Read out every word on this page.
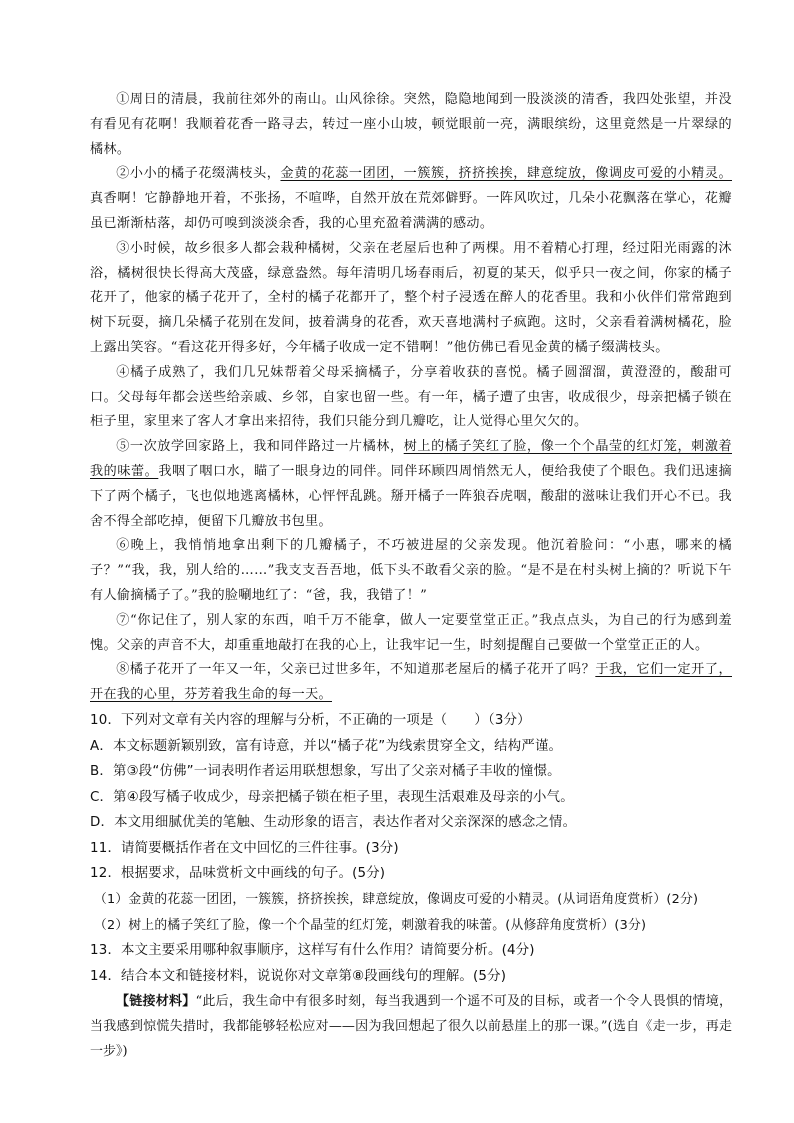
①周日的清晨，我前往郊外的南山。山风徐徐。突然，隐隐地闻到一股淡淡的清香，我四处张望，并没有看见有花啊！我顺着花香一路寻去，转过一座小山坡，顿觉眼前一亮，满眼缤纷，这里竟然是一片翠绿的橘林。

②小小的橘子花缀满枝头，金黄的花蕊一团团，一簇簇，挤挤挨挨，肆意绽放，像调皮可爱的小精灵。真香啊！它静静地开着，不张扬，不喧哗，自然开放在荒郊僻野。一阵风吹过，几朵小花飘落在掌心，花瓣虽已渐渐枯落，却仍可嗅到淡淡余香，我的心里充盈着满满的感动。

③小时候，故乡很多人都会栽种橘树，父亲在老屋后也种了两棵。用不着精心打理，经过阳光雨露的沐浴，橘树很快长得高大茂盛，绿意盎然。每年清明几场春雨后，初夏的某天，似乎只一夜之间，你家的橘子花开了，他家的橘子花开了，全村的橘子花都开了，整个村子浸透在醉人的花香里。我和小伙伴们常常跑到树下玩耍，摘几朵橘子花别在发间，披着满身的花香，欢天喜地满村子疯跑。这时，父亲看着满树橘花，脸上露出笑容。“看这花开得多好，今年橘子收成一定不错啊！”他仿佛已看见金黄的橘子缀满枝头。

④橘子成熟了，我们几兄妹帮着父母采摘橘子，分享着收获的喜悦。橘子圆溜溜，黄澄澄的，酸甜可口。父母每年都会送些给亲戚、乡邻，自家也留一些。有一年，橘子遭了虫害，收成很少，母亲把橘子锁在柜子里，家里来了客人才拿出来招待，我们只能分到几瓣吃，让人觉得心里欠欠的。

⑤一次放学回家路上，我和同伴路过一片橘林，树上的橘子笑红了脸，像一个个晶莹的红灯笼，刺激着我的味蕾。我咽了咽口水，瞄了一眼身边的同伴。同伴环顾四周悄然无人，便给我使了个眼色。我们迅速摘下了两个橘子，飞也似地逃离橘林，心怦怦乱跳。掰开橘子一阵狼吞虎咽，酸甜的滋味让我们开心不已。我舍不得全部吃掉，便留下几瓣放书包里。

⑥晚上，我悄悄地拿出剩下的几瓣橘子，不巧被进屋的父亲发现。他沉着脸问：“小惠，哪来的橘子？”“我，我，别人给的……”我支支吾吾地，低下头不敢看父亲的脸。“是不是在村头树上摘的？听说下午有人偷摘橘子了。”我的脸唰地红了：“爸，我，我错了！”

⑦“你记住了，别人家的东西，咱千万不能拿，做人一定要堂堂正正。”我点点头，为自己的行为感到羞愧。父亲的声音不大，却重重地敲打在我的心上，让我牢记一生，时刻提醒自己要做一个堂堂正正的人。

⑧橘子花开了一年又一年，父亲已过世多年，不知道那老屋后的橘子花开了吗？于我，它们一定开了，开在我的心里，芬芳着我生命的每一天。

10．下列对文章有关内容的理解与分析，不正确的一项是（　　）（3分）

A．本文标题新颖别致，富有诗意，并以“橘子花”为线索贯穿全文，结构严谨。

B．第③段“仿佛”一词表明作者运用联想想象，写出了父亲对橘子丰收的憧憬。

C．第④段写橘子收成少，母亲把橘子锁在柜子里，表现生活艰难及母亲的小气。

D．本文用细腻优美的笔触、生动形象的语言，表达作者对父亲深深的感念之情。

11．请简要概括作者在文中回忆的三件往事。(3分)

12．根据要求，品味赏析文中画线的句子。(5分)

（1）金黄的花蕊一团团，一簇簇，挤挤挨挨，肆意绽放，像调皮可爱的小精灵。(从词语角度赏析）(2分)

（2）树上的橘子笑红了脸，像一个个晶莹的红灯笼，刺激着我的味蕾。(从修辞角度赏析）(3分)

13．本文主要采用哪种叙事顺序，这样写有什么作用？请简要分析。(4分)

14．结合本文和链接材料，说说你对文章第⑧段画线句的理解。(5分)

【链接材料】“此后，我生命中有很多时刻，每当我遇到一个遥不可及的目标，或者一个令人畏惧的情境，当我感到惊慌失措时，我都能够轻松应对——因为我回想起了很久以前悬崖上的那一课。”(选自《走一步，再走一步》)
